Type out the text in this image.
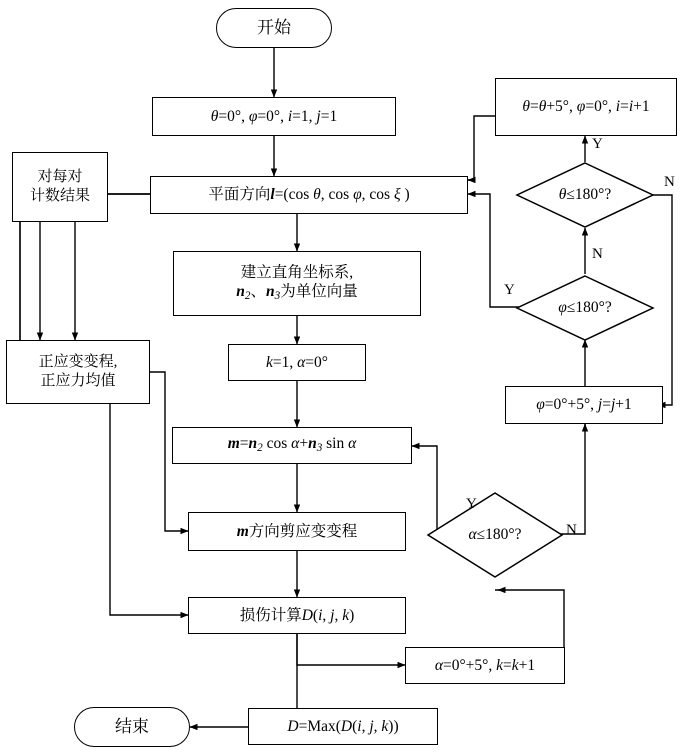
开始
θ=0°, φ=0°, i=1, j=1
平面方向l=(cos θ, cos φ, cos ξ )
建立直角坐标系,
$n_2$、$n_3$为单位向量
k=1, α=0°
$m=n_2$ $\cos \alpha+n_3$ sin α
m方向剪应变变程
损伤计算D(i, j, k)
α=0°+5°, k=k+1
φ=0°+5°, j=j+1
θ=θ+5°, φ=0°, i=i+1
对每对
计数结果
正应变变程,
正应力均值
D=Max(D(i, j, k))
结束
α ≤180°?
φ ≤180°?
θ ≤180°?
Y
N
Y
N
Y
N
